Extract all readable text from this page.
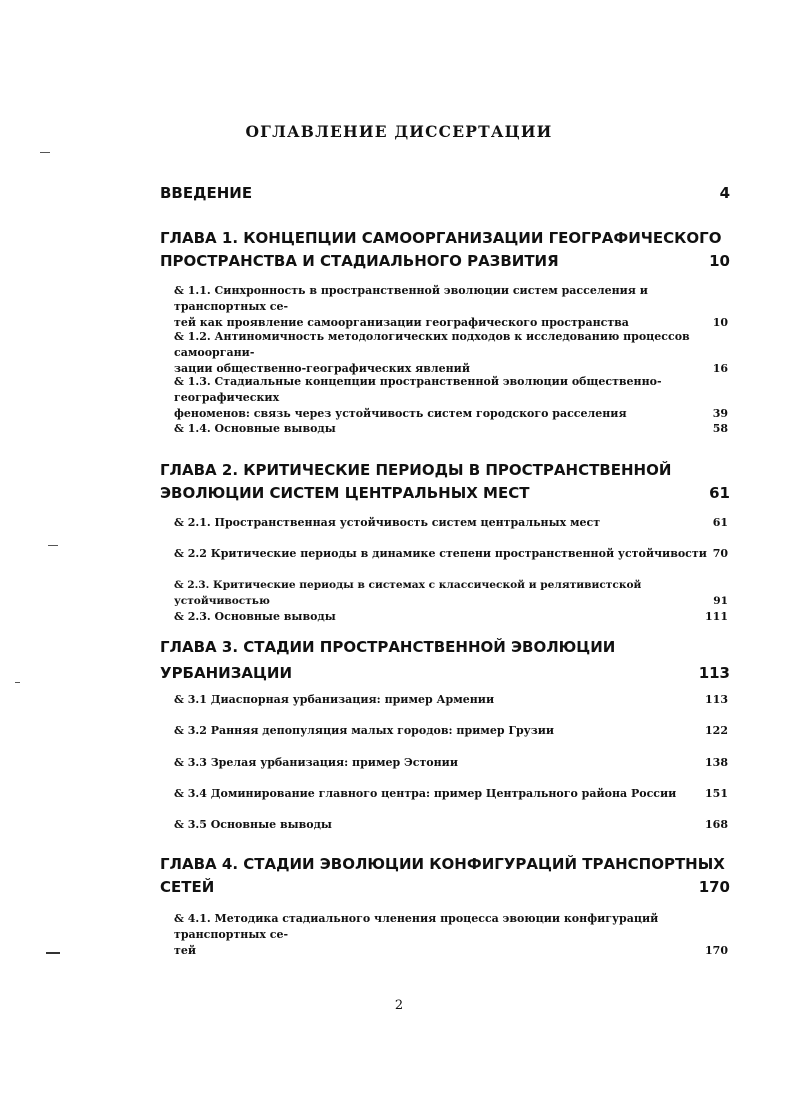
ОГЛАВЛЕНИЕ ДИССЕРТАЦИИ
ВВЕДЕНИЕ	4
ГЛАВА 1. КОНЦЕПЦИИ САМООРГАНИЗАЦИИ ГЕОГРАФИЧЕСКОГО
ПРОСТРАНСТВА И СТАДИАЛЬНОГО РАЗВИТИЯ	10
& 1.1. Синхронность в пространственной эволюции систем расселения и транспортных се-
тей как проявление самоорганизации географического пространства	10
& 1.2. Антиномичность методологических подходов к исследованию процессов самооргани-
зации общественно-географических явлений	16
& 1.3. Стадиальные концепции пространственной эволюции общественно-географических
феноменов: связь через устойчивость систем городского расселения	39
& 1.4. Основные выводы	58
ГЛАВА 2. КРИТИЧЕСКИЕ ПЕРИОДЫ В ПРОСТРАНСТВЕННОЙ
ЭВОЛЮЦИИ СИСТЕМ ЦЕНТРАЛЬНЫХ МЕСТ	61
& 2.1. Пространственная устойчивость систем центральных мест	61
& 2.2 Критические периоды в динамике степени пространственной устойчивости 70
& 2.3. Критические периоды в системах с классической и релятивистской устойчивостью	91
& 2.3. Основные выводы	111
ГЛАВА 3. СТАДИИ ПРОСТРАНСТВЕННОЙ ЭВОЛЮЦИИ
УРБАНИЗАЦИИ	113
& 3.1 Диаспорная урбанизация: пример Армении	113
& 3.2 Ранняя депопуляция малых городов: пример Грузии	122
& 3.3 Зрелая урбанизация: пример Эстонии	138
& 3.4 Доминирование главного центра: пример Центрального района России	151
& 3.5 Основные выводы	168
ГЛАВА 4. СТАДИИ ЭВОЛЮЦИИ КОНФИГУРАЦИЙ ТРАНСПОРТНЫХ
СЕТЕЙ	170
& 4.1. Методика стадиального членения процесса эвоюции конфигураций транспортных се-
тей	170
2
